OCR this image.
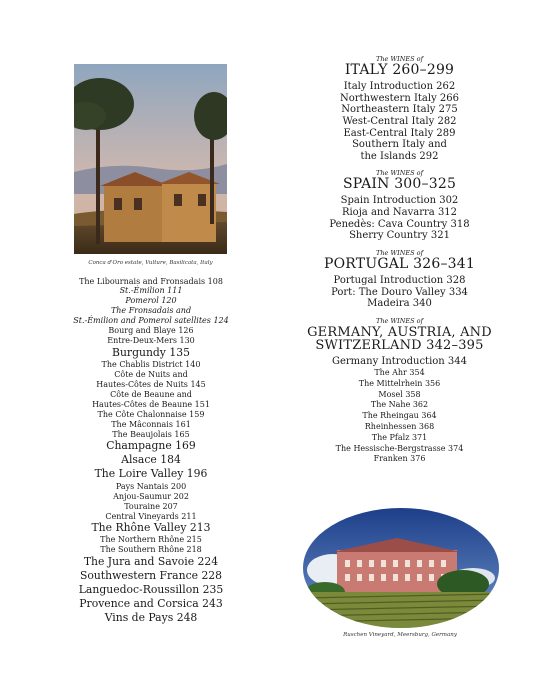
Conca d'Oro estate, Vulture, Basilicata, Italy
The Libournais and Fronsadais 108
St.-Émilion 111
Pomerol 120
The Fronsadais and
St.-Émilion and Pomerol satellites 124
Bourg and Blaye 126
Entre-Deux-Mers 130
Burgundy 135
The Chablis District 140
Côte de Nuits and
Hautes-Côtes de Nuits 145
Côte de Beaune and
Hautes-Côtes de Beaune 151
The Côte Chalonnaise 159
The Mâconnais 161
The Beaujolais 165
Champagne 169
Alsace 184
The Loire Valley 196
Pays Nantais 200
Anjou-Saumur 202
Touraine 207
Central Vineyards 211
The Rhône Valley 213
The Northern Rhône 215
The Southern Rhône 218
The Jura and Savoie 224
Southwestern France 228
Languedoc-Roussillon 235
Provence and Corsica 243
Vins de Pays 248
The WINES of
ITALY 260–299
Italy Introduction 262
Northwestern Italy 266
Northeastern Italy 275
West-Central Italy 282
East-Central Italy 289
Southern Italy and
the Islands 292
The WINES of
SPAIN 300–325
Spain Introduction 302
Rioja and Navarra 312
Penedès: Cava Country 318
Sherry Country 321
The WINES of
PORTUGAL 326–341
Portugal Introduction 328
Port: The Douro Valley 334
Madeira 340
The WINES of
GERMANY, AUSTRIA, AND SWITZERLAND 342–395
Germany Introduction 344
The Ahr 354
The Mittelrhein 356
Mosel 358
The Nahe 362
The Rheingau 364
Rheinhessen 368
The Pfalz 371
The Hessische-Bergstrasse 374
Franken 376
Ruschen Vineyard, Meersburg, Germany
